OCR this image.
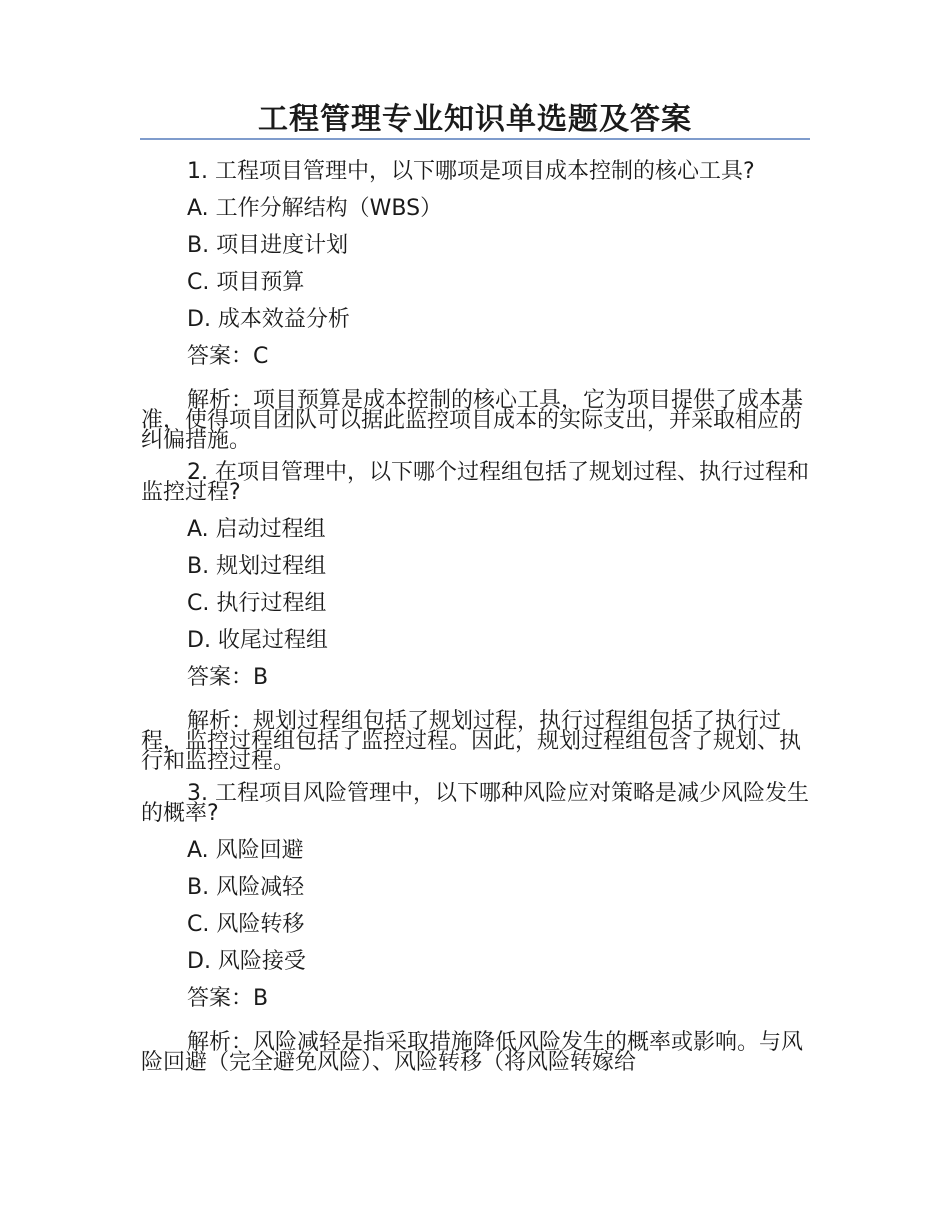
工程管理专业知识单选题及答案
1. 工程项目管理中，以下哪项是项目成本控制的核心工具?
A. 工作分解结构（WBS）
B. 项目进度计划
C. 项目预算
D. 成本效益分析
答案：C
解析：项目预算是成本控制的核心工具，它为项目提供了成本基准，使得项目团队可以据此监控项目成本的实际支出，并采取相应的纠偏措施。
2. 在项目管理中，以下哪个过程组包括了规划过程、执行过程和监控过程?
A. 启动过程组
B. 规划过程组
C. 执行过程组
D. 收尾过程组
答案：B
解析：规划过程组包括了规划过程，执行过程组包括了执行过程，监控过程组包括了监控过程。因此，规划过程组包含了规划、执行和监控过程。
3. 工程项目风险管理中，以下哪种风险应对策略是减少风险发生的概率?
A. 风险回避
B. 风险减轻
C. 风险转移
D. 风险接受
答案：B
解析：风险减轻是指采取措施降低风险发生的概率或影响。与风险回避（完全避免风险）、风险转移（将风险转嫁给
